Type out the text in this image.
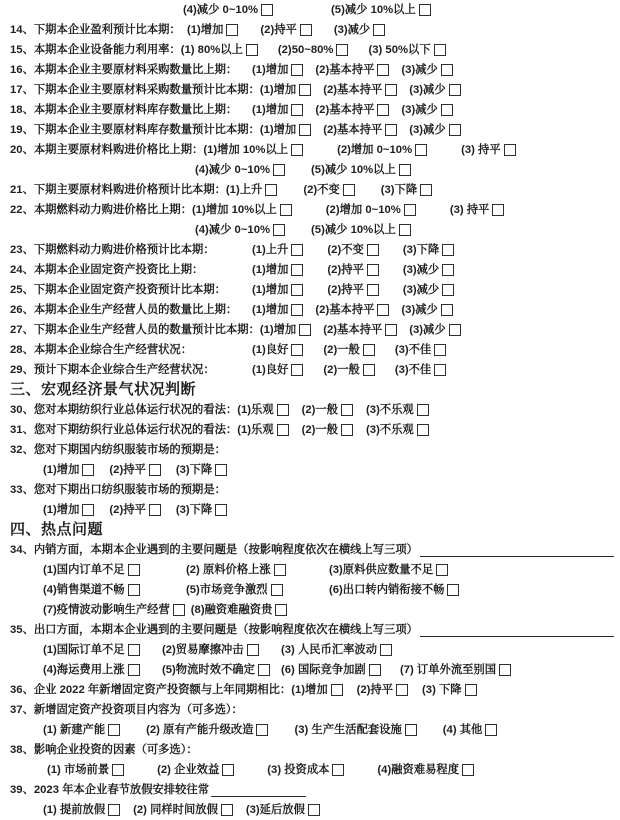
(4)减少 0~10%	(5)减少 10%以上
14、下期本企业盈利预计比本期： (1)增加	(2)持平	(3)减少
15、本期本企业设备能力利用率： (1) 80%以上	(2)50~80%	(3) 50%以下
16、本期本企业主要原材料采购数量比上期：	(1)增加 (2)基本持平 (3)减少
17、下期本企业主要原材料采购数量预计比本期： (1)增加 (2)基本持平 (3)减少
18、本期本企业主要原材料库存数量比上期：	(1)增加 (2)基本持平 (3)减少
19、下期本企业主要原材料库存数量预计比本期： (1)增加 (2)基本持平 (3)减少
20、本期主要原材料购进价格比上期： (1)增加 10%以上	(2)增加 0~10%	(3) 持平
(4)减少 0~10%	(5)减少 10%以上
21、下期主要原材料购进价格预计比本期： (1)上升	(2)不变	(3)下降
22、本期燃料动力购进价格比上期： (1)增加 10%以上	(2)增加 0~10%	(3) 持平
(4)减少 0~10%	(5)减少 10%以上
23、下期燃料动力购进价格预计比本期：	(1)上升	(2)不变	(3)下降
24、本期本企业固定资产投资比上期：	(1)增加	(2)持平	(3)减少
25、下期本企业固定资产投资预计比本期：	(1)增加	(2)持平	(3)减少
26、本期本企业生产经营人员的数量比上期：	(1)增加 (2)基本持平 (3)减少
27、下期本企业生产经营人员的数量预计比本期： (1)增加 (2)基本持平 (3)减少
28、本期本企业综合生产经营状况：	(1)良好	(2)一般	(3)不佳
29、预计下期本企业综合生产经营状况：	(1)良好	(2)一般	(3)不佳
三、宏观经济景气状况判断
30、您对本期纺织行业总体运行状况的看法： (1)乐观 (2)一般 (3)不乐观
31、您对下期纺织行业总体运行状况的看法： (1)乐观 (2)一般 (3)不乐观
32、您对下期国内纺织服装市场的预期是：
(1)增加	(2)持平	(3)下降
33、您对下期出口纺织服装市场的预期是：
(1)增加	(2)持平	(3)下降
四、热点问题
34、内销方面，本期本企业遇到的主要问题是（按影响程度依次在横线上写三项）
(1)国内订单不足	(2) 原料价格上涨	(3)原料供应数量不足
(4)销售渠道不畅	(5)市场竞争激烈	(6)出口转内销衔接不畅
(7)疫情波动影响生产经营 (8)融资难融资贵
35、出口方面，本期本企业遇到的主要问题是（按影响程度依次在横线上写三项）
(1)国际订单不足	(2)贸易摩擦冲击	(3) 人民币汇率波动
(4)海运费用上涨	(5)物流时效不确定 (6) 国际竞争加剧	(7) 订单外流至别国
36、企业 2022 年新增固定资产投资额与上年同期相比： (1)增加	(2)持平	(3) 下降
37、新增固定资产投资项目内容为（可多选）：
(1) 新建产能	(2) 原有产能升级改造	(3) 生产生活配套设施	(4) 其他
38、影响企业投资的因素（可多选）：
(1) 市场前景	(2) 企业效益	(3) 投资成本	(4)融资难易程度
39、2023 年本企业春节放假安排较往常
(1) 提前放假 (2) 同样时间放假 (3)延后放假
